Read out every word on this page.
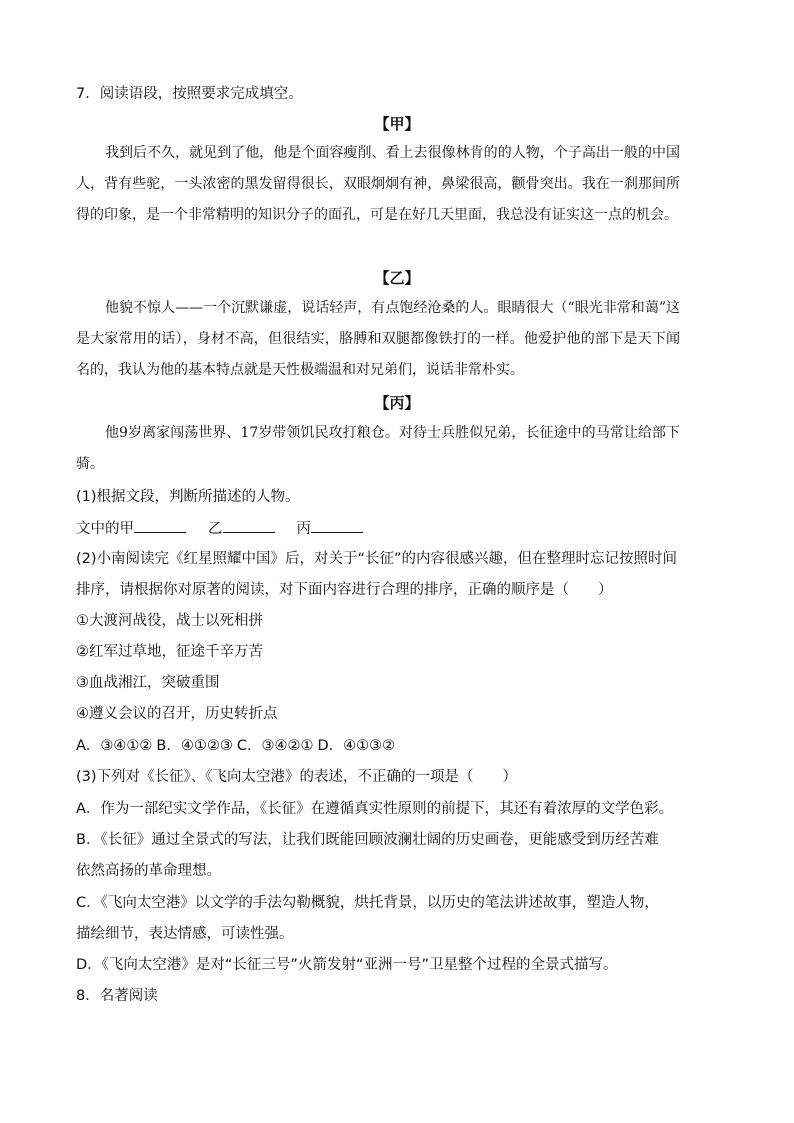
7．阅读语段，按照要求完成填空。
【甲】
我到后不久，就见到了他，他是个面容瘦削、看上去很像林肯的的人物，个子高出一般的中国人，背有些驼，一头浓密的黑发留得很长，双眼炯炯有神，鼻梁很高，颧骨突出。我在一刹那间所得的印象，是一个非常精明的知识分子的面孔，可是在好几天里面，我总没有证实这一点的机会。
【乙】
他貌不惊人——一个沉默谦虚，说话轻声，有点饱经沧桑的人。眼睛很大（“眼光非常和蔼”这是大家常用的话），身材不高，但很结实，胳膊和双腿都像铁打的一样。他爱护他的部下是天下闻名的，我认为他的基本特点就是天性极端温和对兄弟们，说话非常朴实。
【丙】
他9岁离家闯荡世界、17岁带领饥民攻打粮仓。对待士兵胜似兄弟，长征途中的马常让给部下骑。
(1)根据文段，判断所描述的人物。
文中的甲	乙	丙
(2)小南阅读完《红星照耀中国》后，对关于“长征”的内容很感兴趣，但在整理时忘记按照时间
排序，请根据你对原著的阅读，对下面内容进行合理的排序，正确的顺序是（　　）
①大渡河战役，战士以死相拼
②红军过草地，征途千辛万苦
③血战湘江，突破重围
④遵义会议的召开，历史转折点
A．③④①② B．④①②③ C．③④②① D．④①③②
(3)下列对《长征》、《飞向太空港》的表述，不正确的一项是（　　）
A．作为一部纪实文学作品，《长征》在遵循真实性原则的前提下，其还有着浓厚的文学色彩。
B．《长征》通过全景式的写法，让我们既能回顾波澜壮阔的历史画卷，更能感受到历经苦难
依然高扬的革命理想。
C．《飞向太空港》以文学的手法勾勒概貌，烘托背景，以历史的笔法讲述故事，塑造人物，
描绘细节，表达情感，可读性强。
D．《飞向太空港》是对“长征三号”火箭发射“亚洲一号”卫星整个过程的全景式描写。
8．名著阅读
